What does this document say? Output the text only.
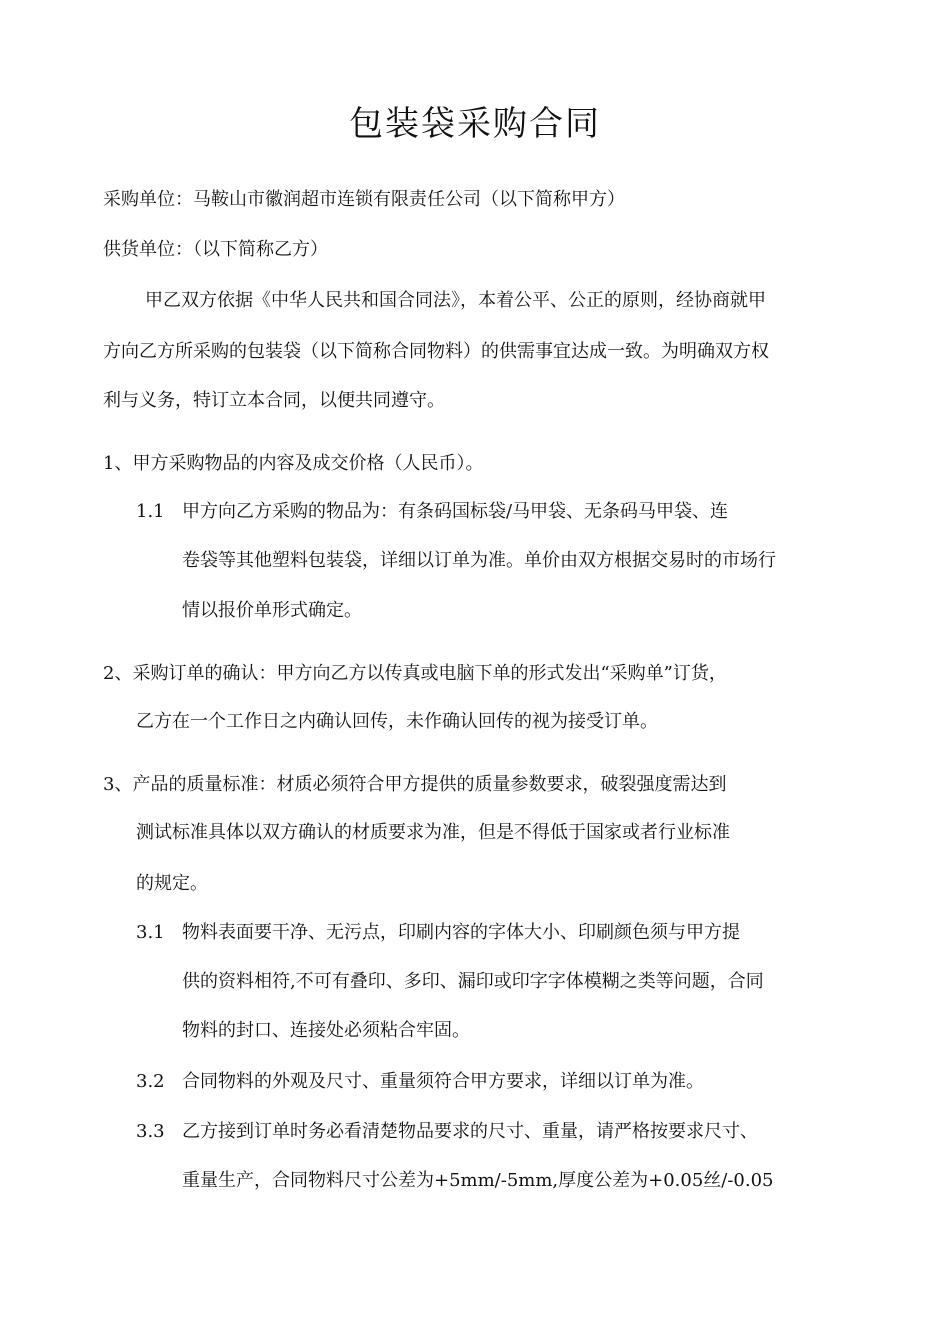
包装袋采购合同
采购单位：马鞍山市徽润超市连锁有限责任公司（以下简称甲方）
供货单位：（以下简称乙方）
甲乙双方依据《中华人民共和国合同法》，本着公平、公正的原则，经协商就甲
方向乙方所采购的包装袋（以下简称合同物料）的供需事宜达成一致。为明确双方权
利与义务，特订立本合同，以便共同遵守。
1、甲方采购物品的内容及成交价格（人民币）。
1.1 甲方向乙方采购的物品为：有条码国标袋/马甲袋、无条码马甲袋、连
卷袋等其他塑料包装袋，详细以订单为准。单价由双方根据交易时的市场行
情以报价单形式确定。
2、采购订单的确认：甲方向乙方以传真或电脑下单的形式发出“采购单”订货，
乙方在一个工作日之内确认回传，未作确认回传的视为接受订单。
3、产品的质量标准：材质必须符合甲方提供的质量参数要求，破裂强度需达到
测试标准具体以双方确认的材质要求为准，但是不得低于国家或者行业标准
的规定。
3.1 物料表面要干净、无污点，印刷内容的字体大小、印刷颜色须与甲方提
供的资料相符,不可有叠印、多印、漏印或印字字体模糊之类等问题，合同
物料的封口、连接处必须粘合牢固。
3.2 合同物料的外观及尺寸、重量须符合甲方要求，详细以订单为准。
3.3 乙方接到订单时务必看清楚物品要求的尺寸、重量，请严格按要求尺寸、
重量生产，合同物料尺寸公差为+5mm/-5mm,厚度公差为+0.05丝/-0.05
